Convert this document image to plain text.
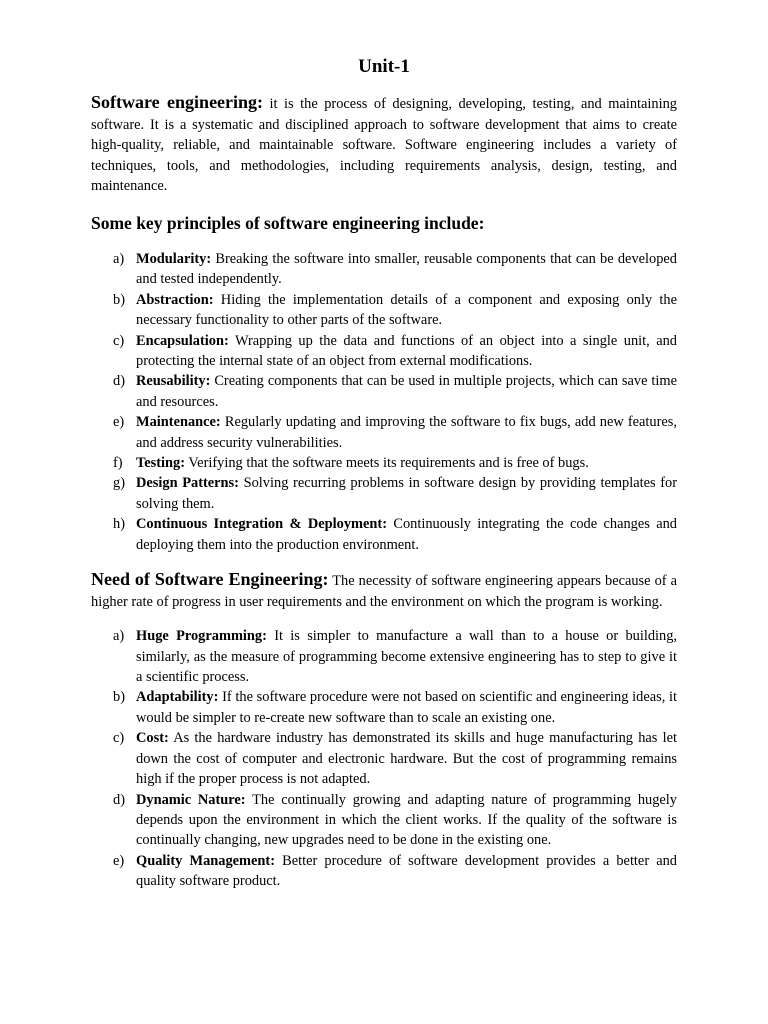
Unit-1

Software engineering: it is the process of designing, developing, testing, and maintaining software. It is a systematic and disciplined approach to software development that aims to create high-quality, reliable, and maintainable software. Software engineering includes a variety of techniques, tools, and methodologies, including requirements analysis, design, testing, and maintenance.

Some key principles of software engineering include:
a) Modularity: Breaking the software into smaller, reusable components that can be developed and tested independently.
b) Abstraction: Hiding the implementation details of a component and exposing only the necessary functionality to other parts of the software.
c) Encapsulation: Wrapping up the data and functions of an object into a single unit, and protecting the internal state of an object from external modifications.
d) Reusability: Creating components that can be used in multiple projects, which can save time and resources.
e) Maintenance: Regularly updating and improving the software to fix bugs, add new features, and address security vulnerabilities.
f) Testing: Verifying that the software meets its requirements and is free of bugs.
g) Design Patterns: Solving recurring problems in software design by providing templates for solving them.
h) Continuous Integration & Deployment: Continuously integrating the code changes and deploying them into the production environment.

Need of Software Engineering: The necessity of software engineering appears because of a higher rate of progress in user requirements and the environment on which the program is working.

a) Huge Programming: It is simpler to manufacture a wall than to a house or building, similarly, as the measure of programming become extensive engineering has to step to give it a scientific process.
b) Adaptability: If the software procedure were not based on scientific and engineering ideas, it would be simpler to re-create new software than to scale an existing one.
c) Cost: As the hardware industry has demonstrated its skills and huge manufacturing has let down the cost of computer and electronic hardware. But the cost of programming remains high if the proper process is not adapted.
d) Dynamic Nature: The continually growing and adapting nature of programming hugely depends upon the environment in which the client works. If the quality of the software is continually changing, new upgrades need to be done in the existing one.
e) Quality Management: Better procedure of software development provides a better and quality software product.
